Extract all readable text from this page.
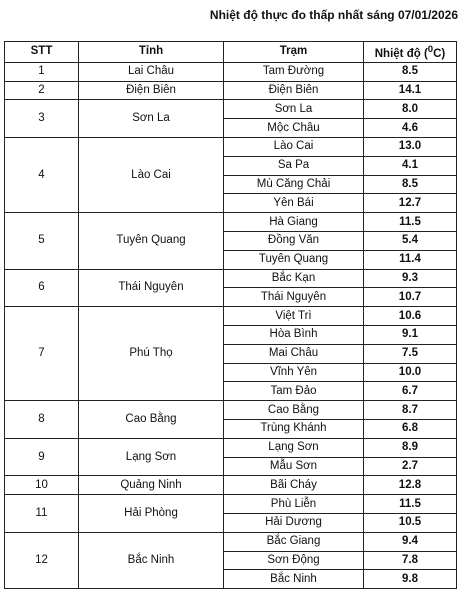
Nhiệt độ thực đo thấp nhất sáng 07/01/2026
STT	Tỉnh	Trạm	Nhiệt độ ($^0$C)
1	Lai Châu	Tam Đường	8.5
2	Điện Biên	Điện Biên	14.1
3	Sơn La	Sơn La	8.0
		Mộc Châu	4.6
4	Lào Cai	Lào Cai	13.0
		Sa Pa	4.1
		Mù Căng Chải	8.5
		Yên Bái	12.7
5	Tuyên Quang	Hà Giang	11.5
		Đồng Văn	5.4
		Tuyên Quang	11.4
6	Thái Nguyên	Bắc Kạn	9.3
		Thái Nguyên	10.7
7	Phú Thọ	Việt Trì	10.6
		Hòa Bình	9.1
		Mai Châu	7.5
		Vĩnh Yên	10.0
		Tam Đảo	6.7
8	Cao Bằng	Cao Bằng	8.7
		Trùng Khánh	6.8
9	Lạng Sơn	Lạng Sơn	8.9
		Mẫu Sơn	2.7
10	Quảng Ninh	Bãi Cháy	12.8
11	Hải Phòng	Phù Liễn	11.5
		Hải Dương	10.5
12	Bắc Ninh	Bắc Giang	9.4
		Sơn Động	7.8
		Bắc Ninh	9.8
